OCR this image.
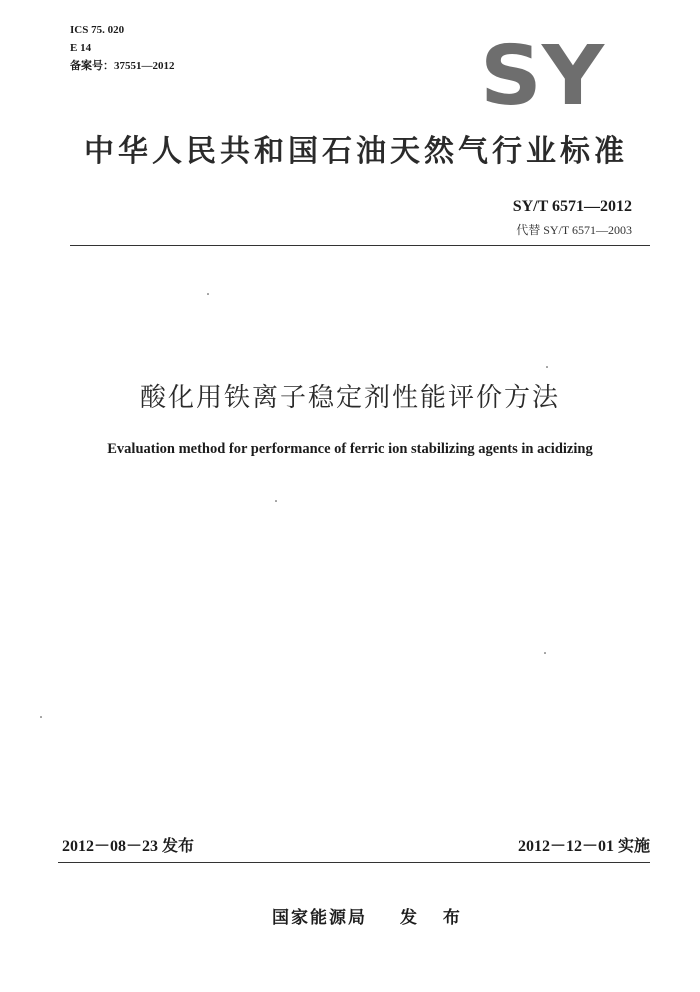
ICS 75. 020
E 14
备案号：37551—2012	SY
中华人民共和国石油天然气行业标准
SY/T 6571—2012
代替 SY/T 6571—2003
酸化用铁离子稳定剂性能评价方法
Evaluation method for performance of ferric ion stabilizing agents in acidizing
2012－08－23 发布	2012－12－01 实施
国家能源局 发 布
